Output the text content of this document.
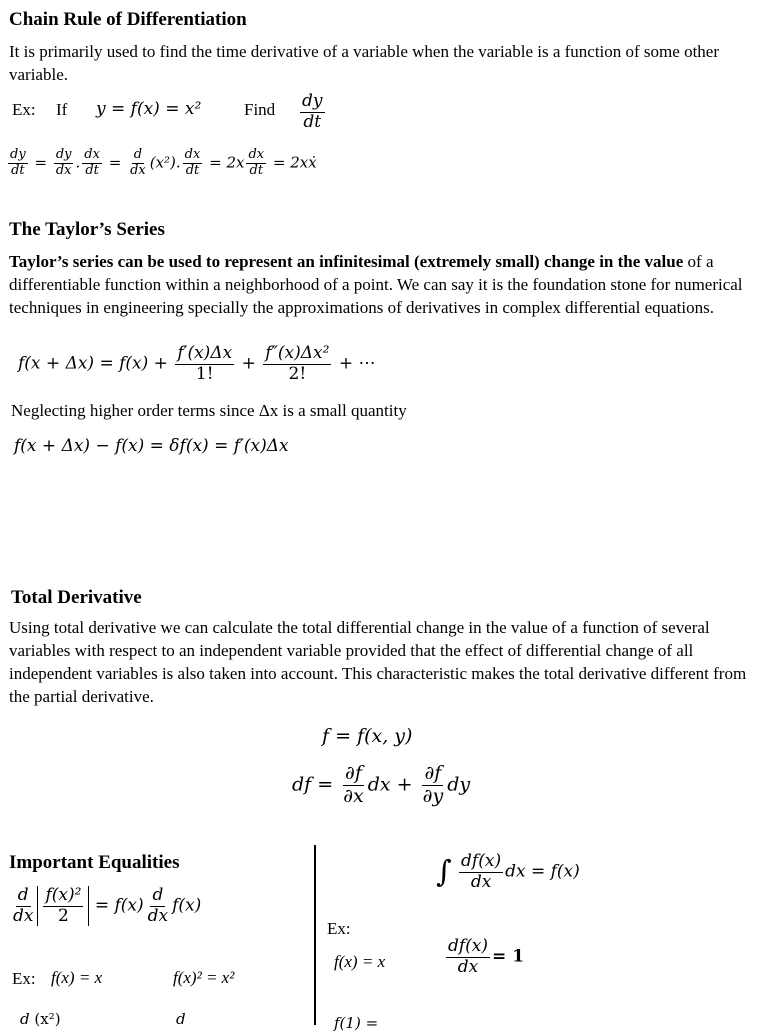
Chain Rule of Differentiation
It is primarily used to find the time derivative of a variable when the variable is a function of some other variable.
Ex: If y = f(x) = x²	Find $\frac{dy}{dt}$
$\frac{dy}{dt} = \frac{dy}{dx}$ . $\frac{dx}{dt} = \frac{d}{dx} (x^2)$. $\frac{dx}{dt} = 2x \frac{dx}{dt}$ = 2xẋ
The Taylor’s Series
Taylor’s series can be used to represent an infinitesimal (extremely small) change in the value of a differentiable function within a neighborhood of a point. We can say it is the foundation stone for numerical techniques in engineering specially the approximations of derivatives in complex differential equations.
$f(x + \Delta x) = f(x) + \frac{f'(x)\Delta x}{1!} + \frac{\text{f″(x)Δx²}}{2!}$ + ⋯
Neglecting higher order terms since Δx is a small quantity
f(x + Δx) − f(x) = δf(x) = f′(x)Δx
Total Derivative
Using total derivative we can calculate the total differential change in the value of a function of several variables with respect to an independent variable provided that the effect of differential change of all independent variables is also taken into account. This characteristic makes the total derivative different from the partial derivative.
f = f(x, y)
df = $\frac{\partial f}{\partial x}$ dx + $\frac{\partial f}{\partial y}$ dy
Important Equalities
$\frac{d}{dx} \frac{\text{f(x)²}}{2} = f(x) \frac{d}{dx} f(x)$
Ex: f(x) = x	f(x)² = x²
d (x²)	d
∫ $\frac{df(x)}{dx}$ dx = f(x)
Ex:
f(x) = x	$\frac{df(x)}{dx} = 1$
f(1) =
